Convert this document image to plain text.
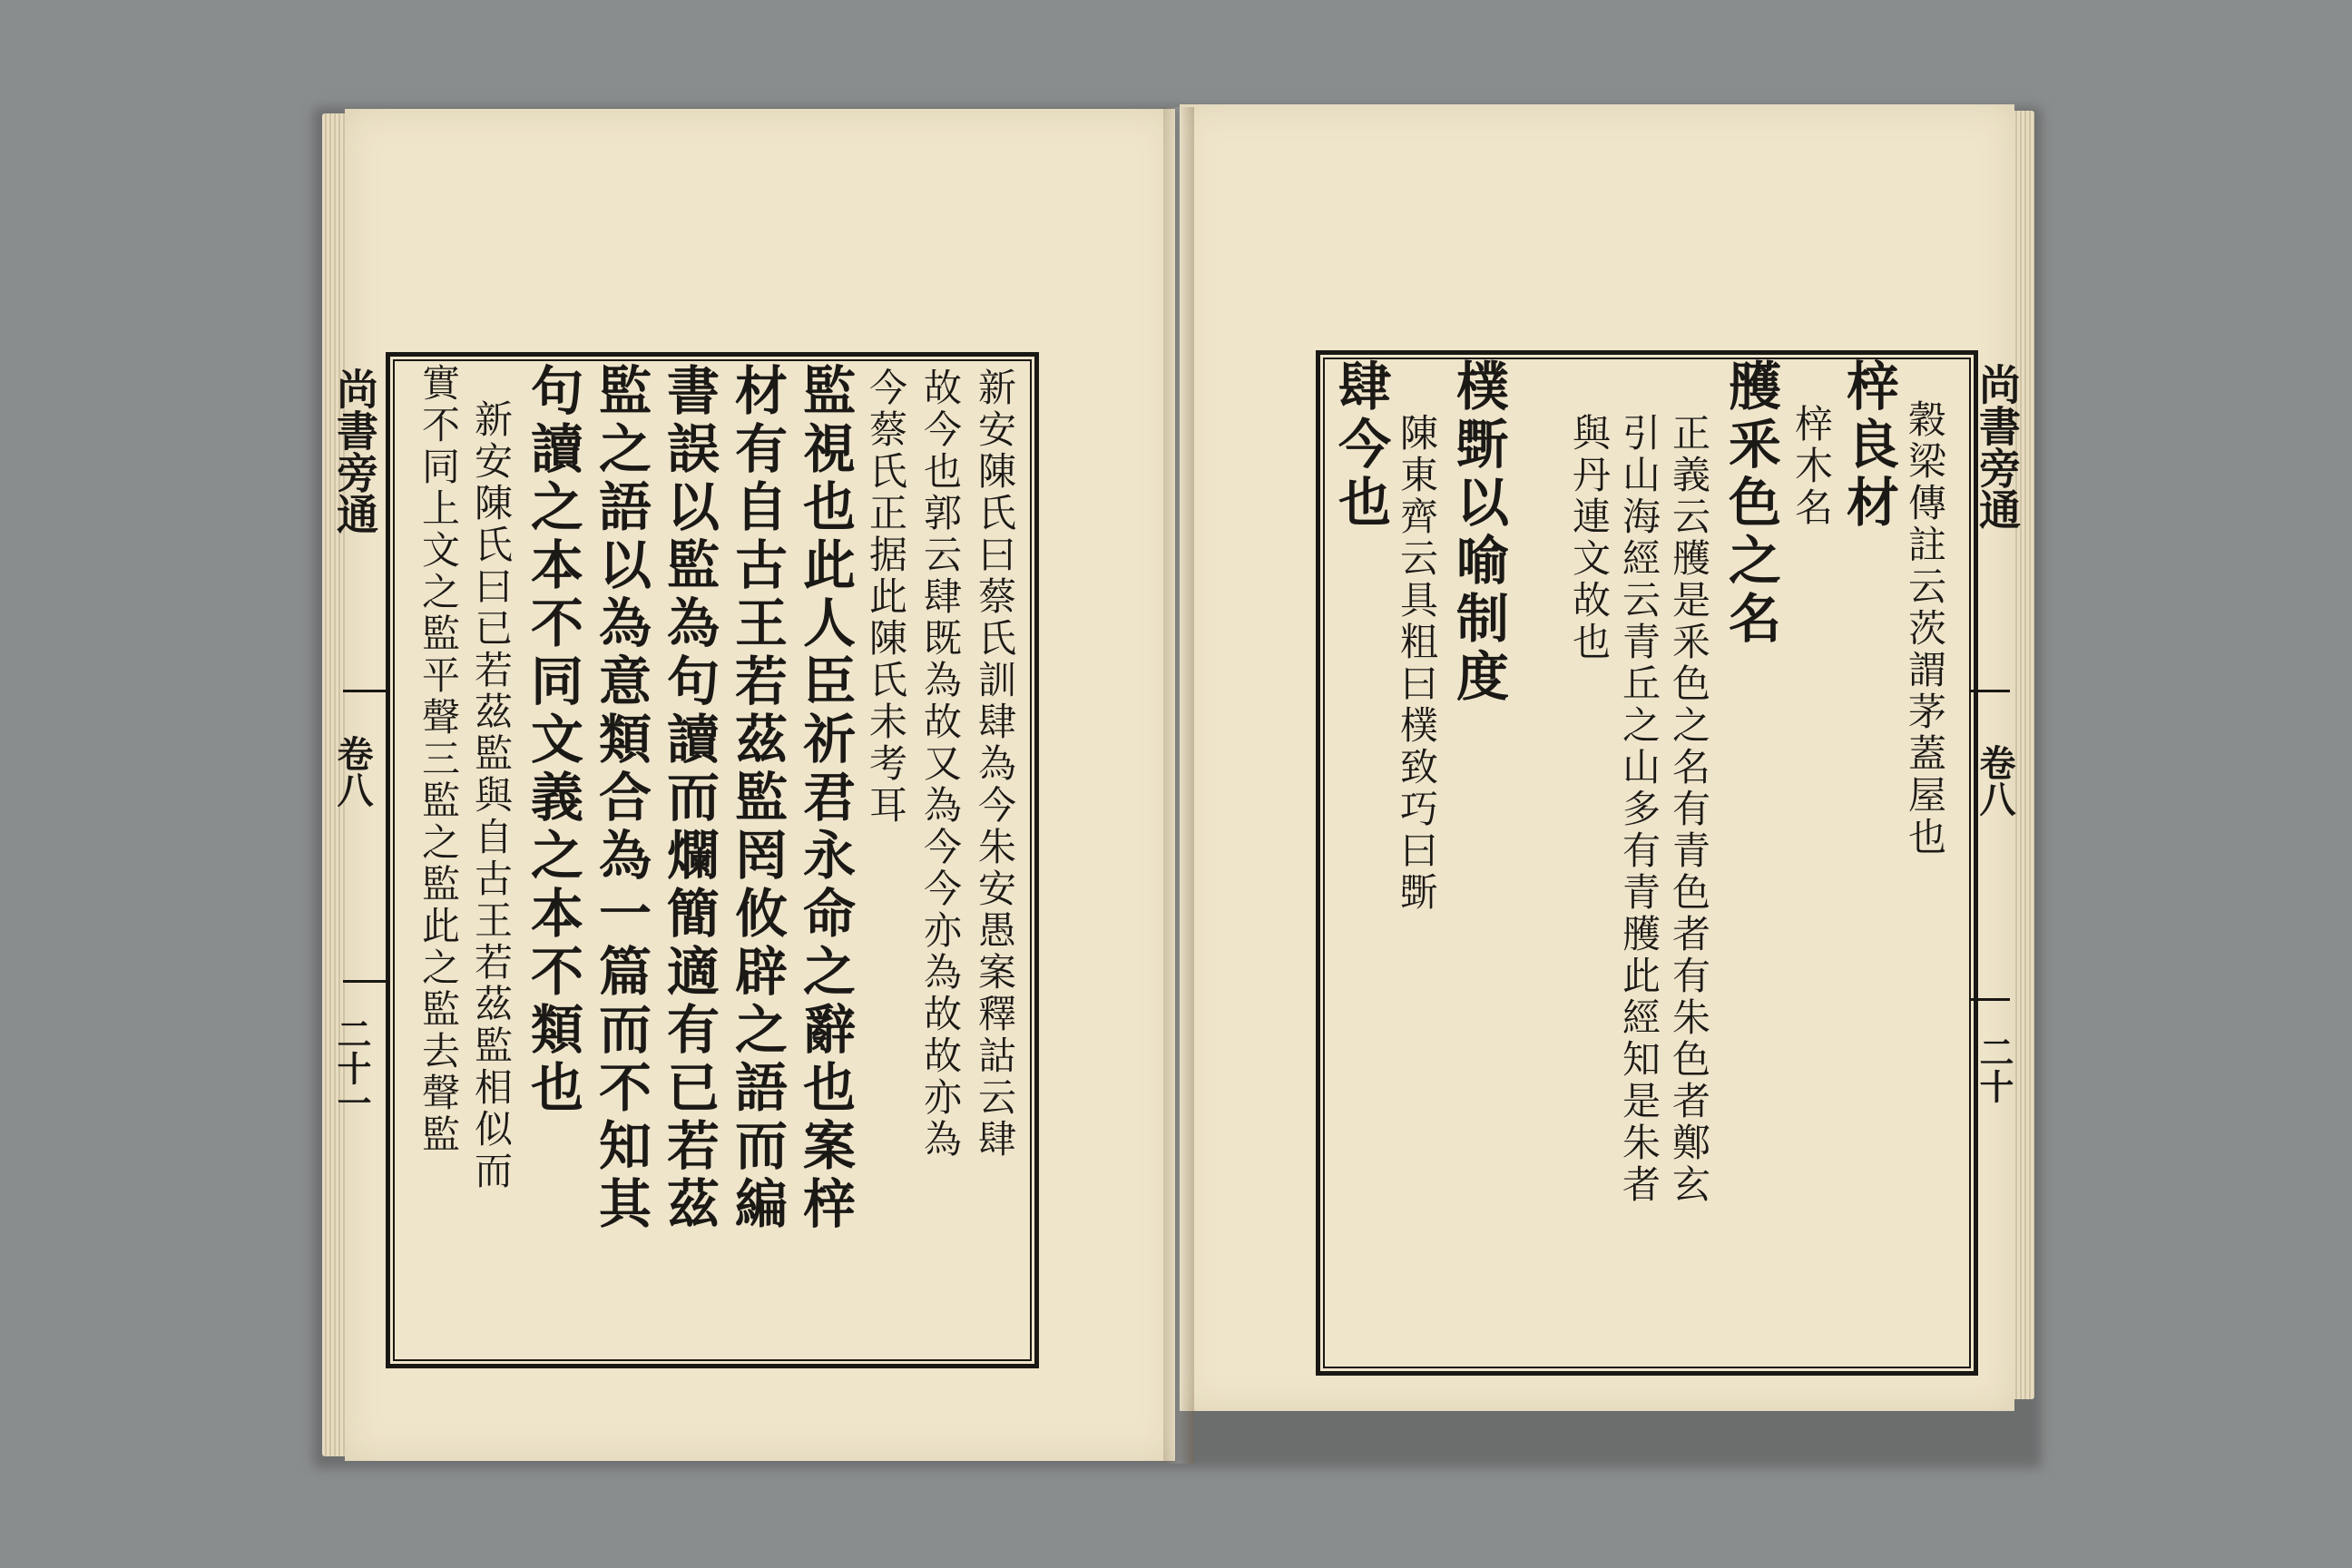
尚書旁通
卷八
二十一	新安陳氏曰蔡氏訓肆為今朱安愚案釋詁云肆
故今也郭云肆既為故又為今今亦為故故亦為
今蔡氏正据此陳氏未考耳
監視也此人臣祈君永命之辭也案梓
材有自古王若茲監罔攸辟之語而編
書誤以監為句讀而爛簡適有已若茲
監之語以為意類合為一篇而不知其
句讀之本不同文義之本不類也
新安陳氏曰已若茲監與自古王若茲監相似而
實不同上文之監平聲三監之監此之監去聲監	尚書旁通
卷八
二十
穀梁傳註云茨謂茅蓋屋也
梓良材
梓木名
雘釆色之名
正義云雘是釆色之名有青色者有朱色者鄭玄
引山海經云青丘之山多有青雘此經知是朱者
與丹連文故也
樸斲以喻制度
陳東齊云具粗曰樸致巧曰斲
肆今也
